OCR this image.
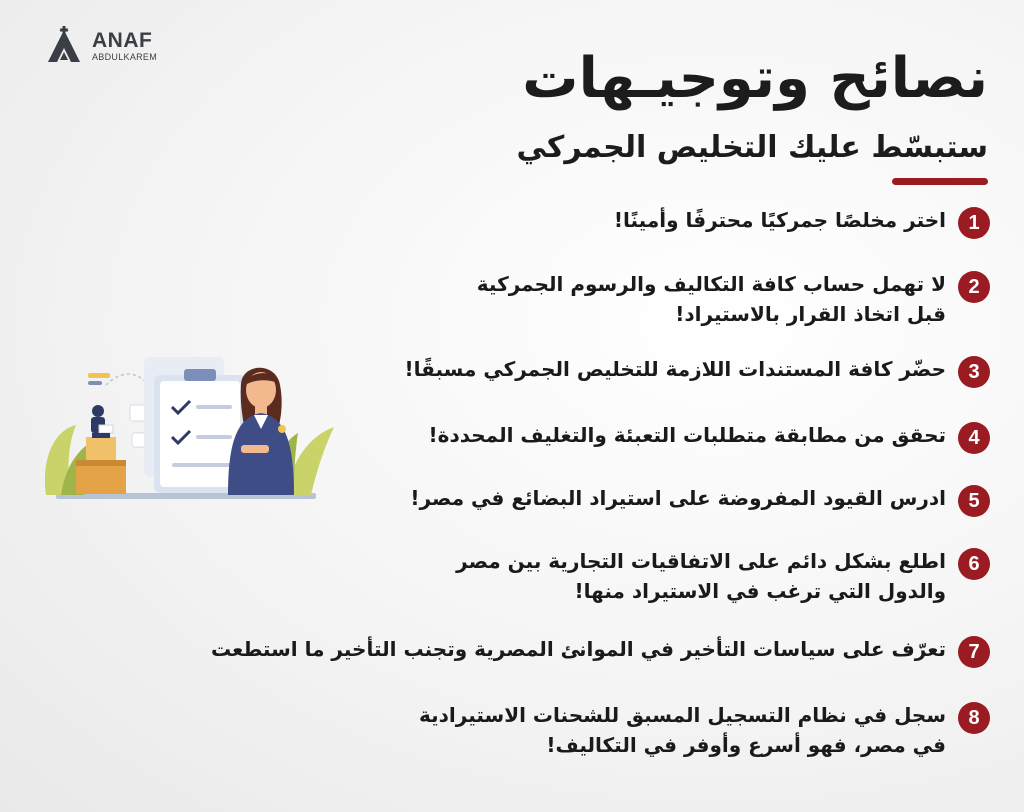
ANAF
ABDULKAREM	نصائح وتوجيـهات
ستبسّط عليك التخليص الجمركي
1
اختر مخلصًا جمركيًا محترفًا وأمينًا!
2
لا تهمل حساب كافة التكاليف والرسوم الجمركية
قبل اتخاذ القرار بالاستيراد!
3
حضّر كافة المستندات اللازمة للتخليص الجمركي مسبقًا!
4
تحقق من مطابقة متطلبات التعبئة والتغليف المحددة!
5
ادرس القيود المفروضة على استيراد البضائع في مصر!
6
اطلع بشكل دائم على الاتفاقيات التجارية بين مصر
والدول التي ترغب في الاستيراد منها!
7
تعرّف على سياسات التأخير في الموانئ المصرية وتجنب التأخير ما استطعت
8
سجل في نظام التسجيل المسبق للشحنات الاستيرادية
في مصر، فهو أسرع وأوفر في التكاليف!
